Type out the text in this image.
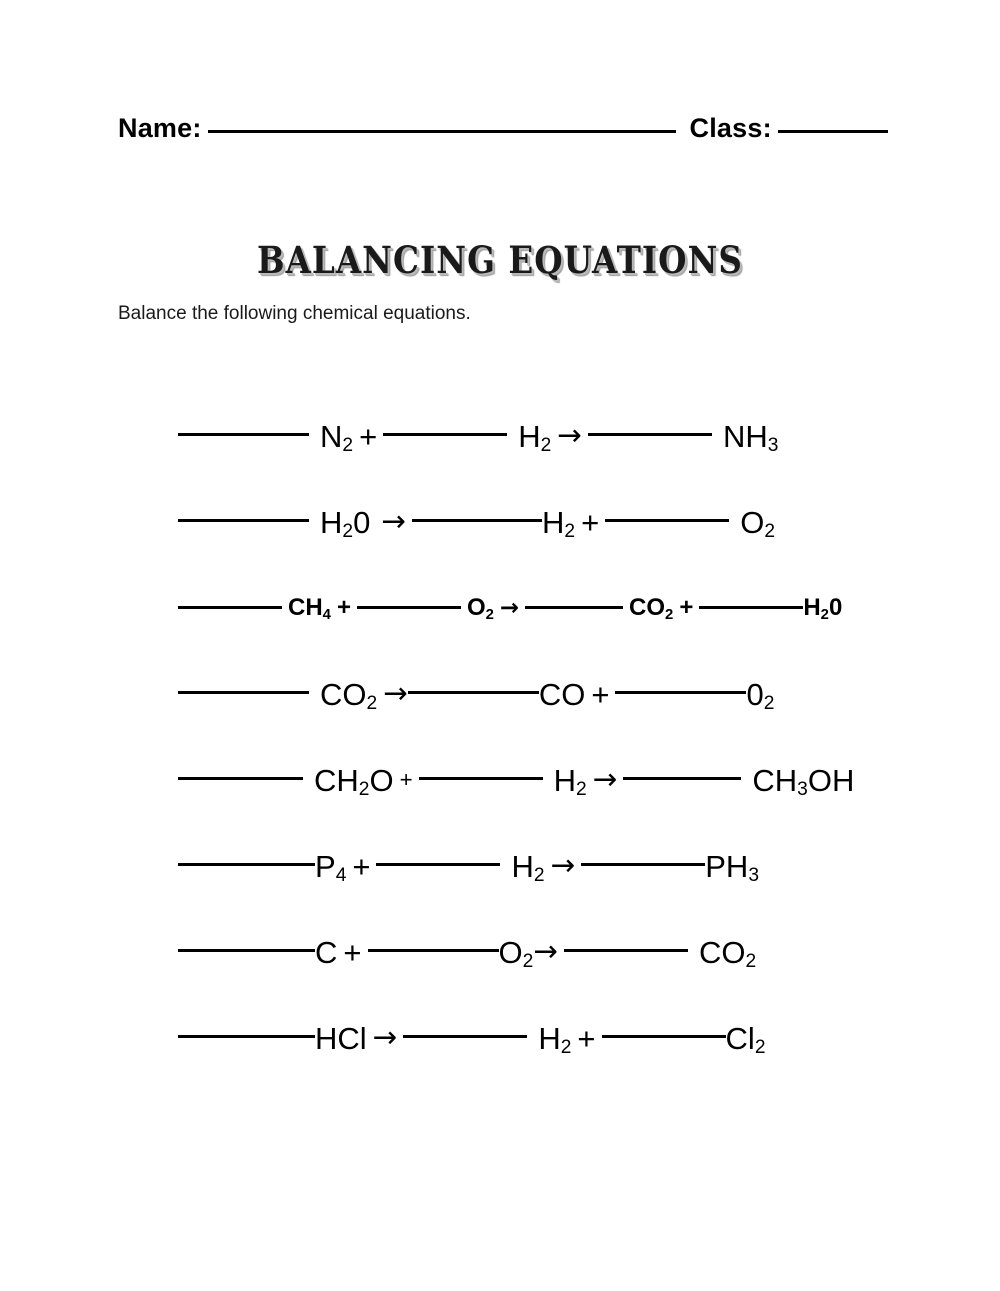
Name:	Class:
BALANCING EQUATIONS
Balance the following chemical equations.
$N_2$ +	$H_2$ →	$NH_3$
$H_20$ →	$H_2$ +	$O_2$
$CH_4$ +	$O_2$ →	$CO_2$ +	$H_20$
$CO_2$ →	CO +	$0_2$
$CH_2O$ +	$H_2$ →	$CH_3OH$
$P_4$ +	$H_2$ →	$PH_3$
C +	$O_2$ →	$CO_2$
HCl →	$H_2$ +	$Cl_2$
